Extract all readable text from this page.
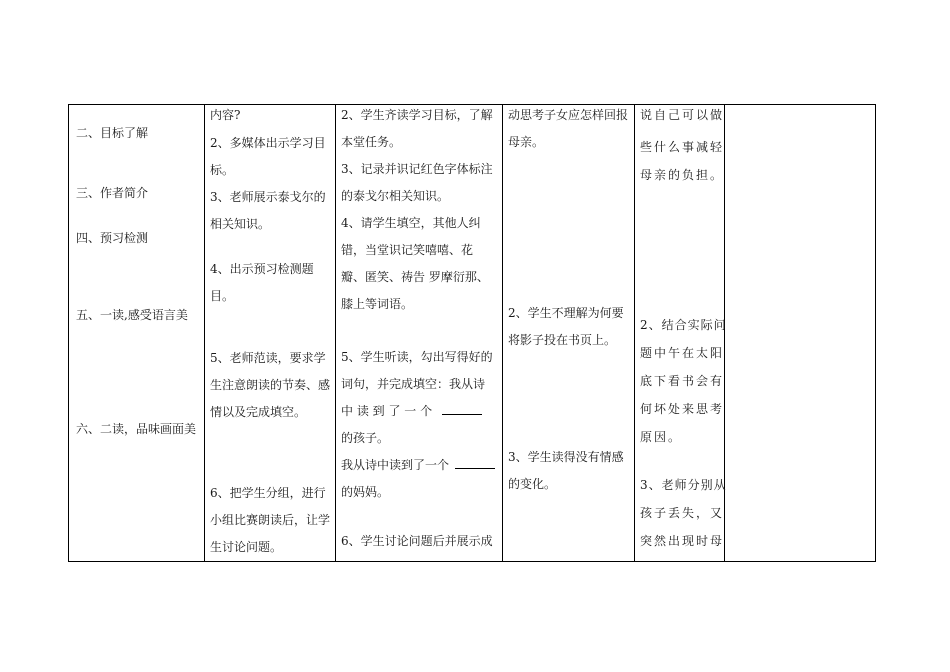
二、目标了解
三、作者简介
四、预习检测
五、一读,感受语言美
六、二读，品味画面美
内容?
2、多媒体出示学习目
标。
3、老师展示泰戈尔的
相关知识。
4、出示预习检测题
目。
5、老师范读，要求学
生注意朗读的节奏、感
情以及完成填空。
6、把学生分组，进行
小组比赛朗读后，让学
生讨论问题。
2、学生齐读学习目标，了解
本堂任务。
3、记录并识记红色字体标注
的泰戈尔相关知识。
4、请学生填空，其他人纠
错，当堂识记笑嘻嘻、花
瓣、匿笑、祷告 罗摩衍那、
膝上等词语。
5、学生听读，勾出写得好的
词句，并完成填空：我从诗
中 读 到 了 一 个
的孩子。
我从诗中读到了一个
的妈妈。
6、学生讨论问题后并展示成
动思考子女应怎样回报
母亲。
2、学生不理解为何要
将影子投在书页上。
3、学生读得没有情感
的变化。
说自己可以做
些什么事减轻
母亲的负担。
2、结合实际问
题中午在太阳
底下看书会有
何坏处来思考
原因。
3、老师分别从
孩子丢失，又
突然出现时母
